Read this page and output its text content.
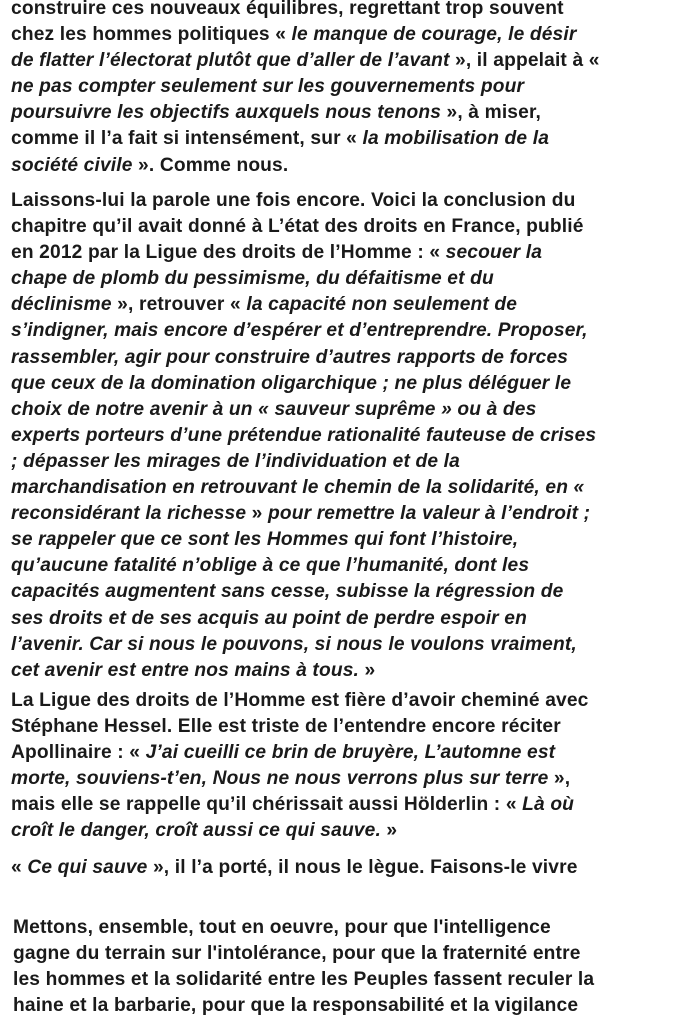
construire ces nouveaux équilibres, regrettant trop souvent
chez les hommes politiques « le manque de courage, le désir
de flatter l’électorat plutôt que d’aller de l’avant », il appelait à «
ne pas compter seulement sur les gouvernements pour
poursuivre les objectifs auxquels nous tenons », à miser,
comme il l’a fait si intensément, sur « la mobilisation de la
société civile ». Comme nous.
Laissons-lui la parole une fois encore. Voici la conclusion du
chapitre qu’il avait donné à L’état des droits en France, publié
en 2012 par la Ligue des droits de l’Homme : « secouer la
chape de plomb du pessimisme, du défaitisme et du
déclinisme », retrouver « la capacité non seulement de
s’indigner, mais encore d’espérer et d’entreprendre. Proposer,
rassembler, agir pour construire d’autres rapports de forces
que ceux de la domination oligarchique ; ne plus déléguer le
choix de notre avenir à un « sauveur suprême » ou à des
experts porteurs d’une prétendue rationalité fauteuse de crises
; dépasser les mirages de l’individuation et de la
marchandisation en retrouvant le chemin de la solidarité, en «
reconsidérant la richesse » pour remettre la valeur à l’endroit ;
se rappeler que ce sont les Hommes qui font l’histoire,
qu’aucune fatalité n’oblige à ce que l’humanité, dont les
capacités augmentent sans cesse, subisse la régression de
ses droits et de ses acquis au point de perdre espoir en
l’avenir. Car si nous le pouvons, si nous le voulons vraiment,
cet avenir est entre nos mains à tous. »
La Ligue des droits de l’Homme est fière d’avoir cheminé avec
Stéphane Hessel. Elle est triste de l’entendre encore réciter
Apollinaire : « J’ai cueilli ce brin de bruyère, L’automne est
morte, souviens-t’en, Nous ne nous verrons plus sur terre »,
mais elle se rappelle qu’il chérissait aussi Hölderlin : « Là où
croît le danger, croît aussi ce qui sauve. »
« Ce qui sauve », il l’a porté, il nous le lègue. Faisons-le vivre
Mettons, ensemble, tout en oeuvre, pour que l'intelligence
gagne du terrain sur l'intolérance, pour que la fraternité entre
les hommes et la solidarité entre les Peuples fassent reculer la
haine et la barbarie, pour que la responsabilité et la vigilance
